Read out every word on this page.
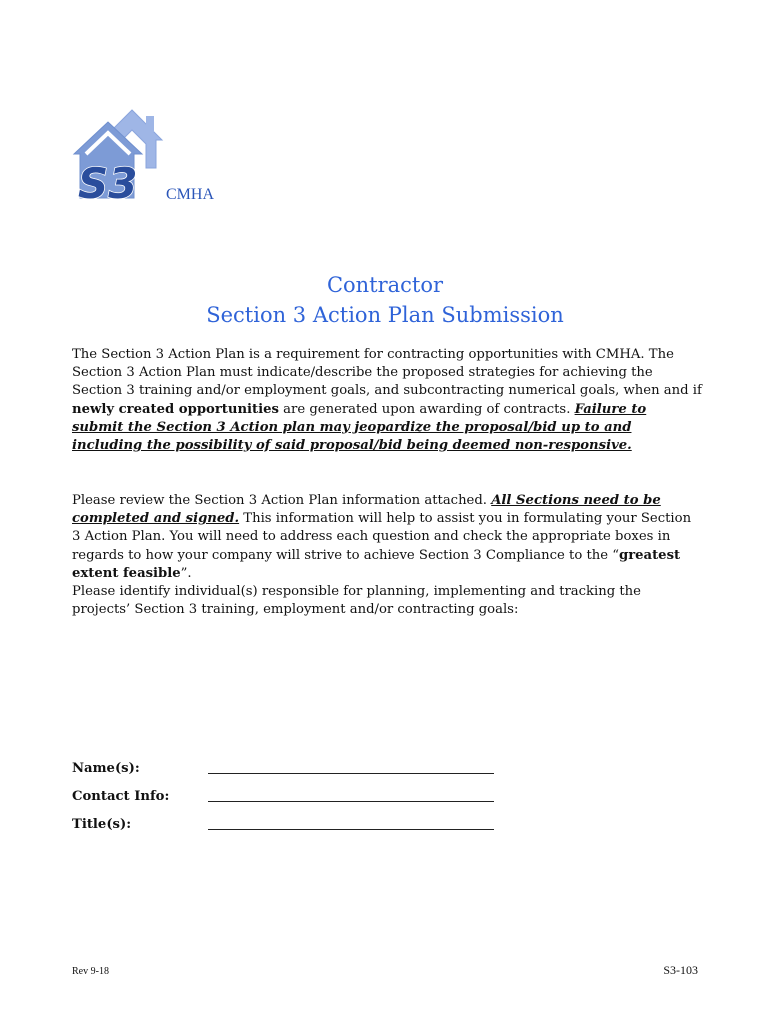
S3 CMHA
Contractor
Section 3 Action Plan Submission

The Section 3 Action Plan is a requirement for contracting opportunities with CMHA. The Section 3 Action Plan must indicate/describe the proposed strategies for achieving the Section 3 training and/or employment goals, and subcontracting numerical goals, when and if newly created opportunities are generated upon awarding of contracts. Failure to submit the Section 3 Action plan may jeopardize the proposal/bid up to and including the possibility of said proposal/bid being deemed non-responsive.

Please review the Section 3 Action Plan information attached. All Sections need to be completed and signed. This information will help to assist you in formulating your Section 3 Action Plan. You will need to address each question and check the appropriate boxes in regards to how your company will strive to achieve Section 3 Compliance to the “greatest extent feasible”.

Please identify individual(s) responsible for planning, implementing and tracking the projects’ Section 3 training, employment and/or contracting goals:

Name(s):
Contact Info:
Title(s):
Rev 9-18	S3-103
